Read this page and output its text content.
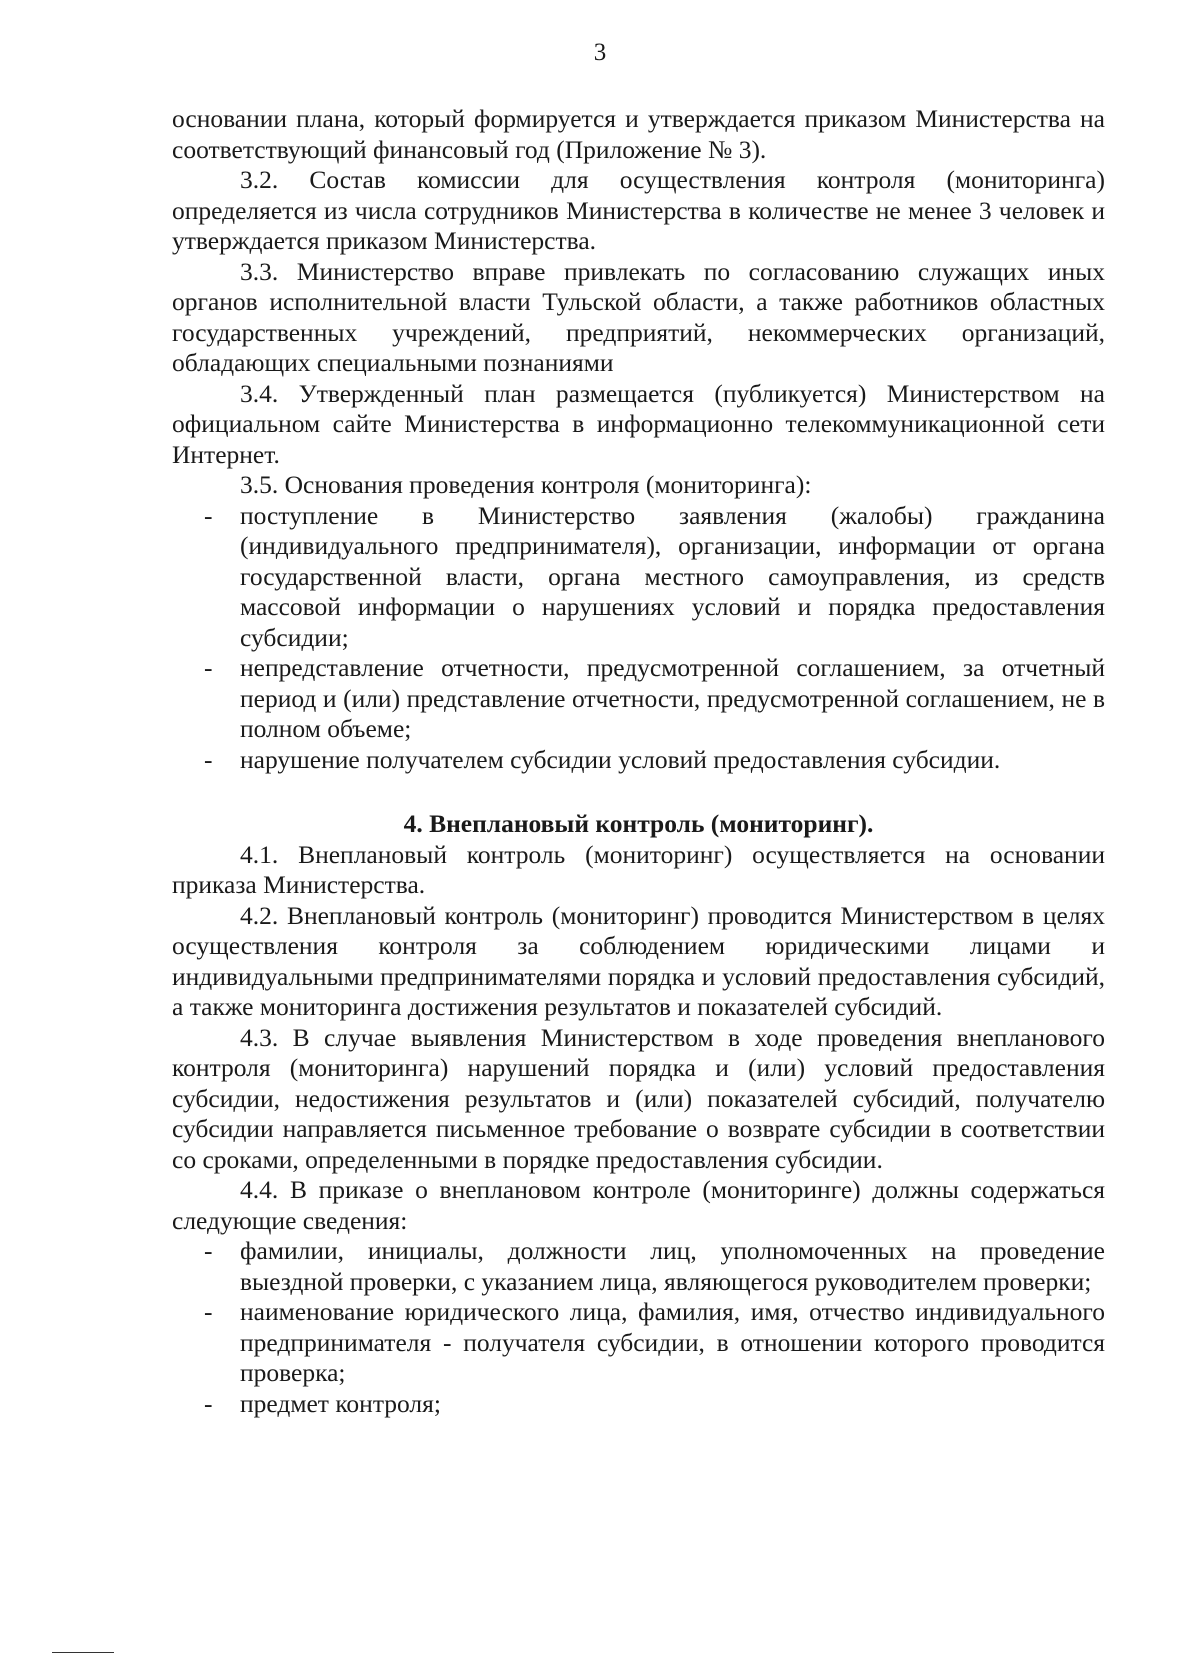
3

основании плана, который формируется и утверждается приказом Министерства на соответствующий финансовый год (Приложение № 3).

3.2. Состав комиссии для осуществления контроля (мониторинга) определяется из числа сотрудников Министерства в количестве не менее 3 человек и утверждается приказом Министерства.

3.3. Министерство вправе привлекать по согласованию служащих иных органов исполнительной власти Тульской области, а также работников областных государственных учреждений, предприятий, некоммерческих организаций, обладающих специальными познаниями

3.4. Утвержденный план размещается (публикуется) Министерством на официальном сайте Министерства в информационно телекоммуникационной сети Интернет.

3.5. Основания проведения контроля (мониторинга):

- поступление в Министерство заявления (жалобы) гражданина (индивидуального предпринимателя), организации, информации от органа государственной власти, органа местного самоуправления, из средств массовой информации о нарушениях условий и порядка предоставления субсидии;
- непредставление отчетности, предусмотренной соглашением, за отчетный период и (или) представление отчетности, предусмотренной соглашением, не в полном объеме;
- нарушение получателем субсидии условий предоставления субсидии.

4. Внеплановый контроль (мониторинг).

4.1. Внеплановый контроль (мониторинг) осуществляется на основании приказа Министерства.

4.2. Внеплановый контроль (мониторинг) проводится Министерством в целях осуществления контроля за соблюдением юридическими лицами и индивидуальными предпринимателями порядка и условий предоставления субсидий, а также мониторинга достижения результатов и показателей субсидий.

4.3. В случае выявления Министерством в ходе проведения внепланового контроля (мониторинга) нарушений порядка и (или) условий предоставления субсидии, недостижения результатов и (или) показателей субсидий, получателю субсидии направляется письменное требование о возврате субсидии в соответствии со сроками, определенными в порядке предоставления субсидии.

4.4. В приказе о внеплановом контроле (мониторинге) должны содержаться следующие сведения:

- фамилии, инициалы, должности лиц, уполномоченных на проведение выездной проверки, с указанием лица, являющегося руководителем проверки;
- наименование юридического лица, фамилия, имя, отчество индивидуального предпринимателя - получателя субсидии, в отношении которого проводится проверка;
- предмет контроля;
